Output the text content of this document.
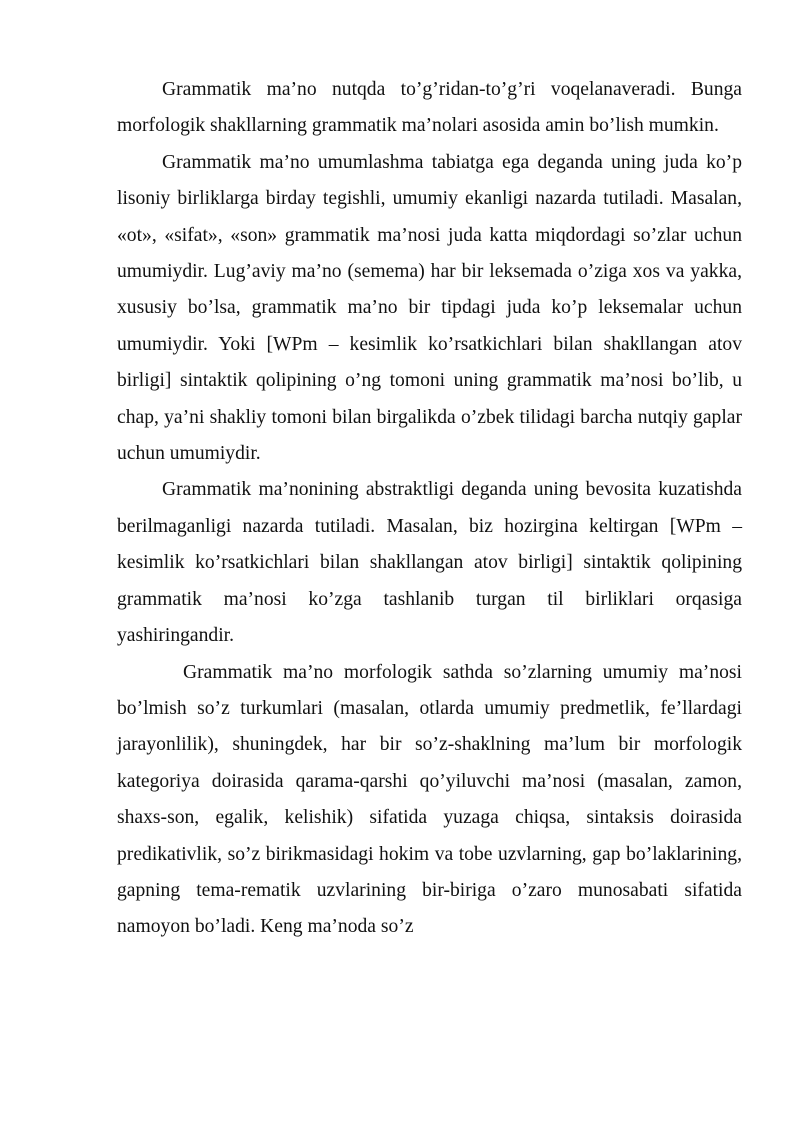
Grammatik ma’no nutqda to’g’ridan-to’g’ri voqelanaveradi. Bunga morfologik shakllarning grammatik ma’nolari asosida amin bo’lish mumkin.

Grammatik ma’no umumlashma tabiatga ega deganda uning juda ko’p lisoniy birliklarga birday tegishli, umumiy ekanligi nazarda tutiladi. Masalan, «ot», «sifat», «son» grammatik ma’nosi juda katta miqdordagi so’zlar uchun umumiydir. Lug’aviy ma’no (semema) har bir leksemada o’ziga xos va yakka, xususiy bo’lsa, grammatik ma’no bir tipdagi juda ko’p leksemalar uchun umumiydir. Yoki [WPm – kesimlik ko’rsatkichlari bilan shakllangan atov birligi] sintaktik qolipining o’ng tomoni uning grammatik ma’nosi bo’lib, u chap, ya’ni shakliy tomoni bilan birgalikda o’zbek tilidagi barcha nutqiy gaplar uchun umumiydir.

Grammatik ma’nonining abstraktligi deganda uning bevosita kuzatishda berilmaganligi nazarda tutiladi. Masalan, biz hozirgina keltirgan [WPm – kesimlik ko’rsatkichlari bilan shakllangan atov birligi] sintaktik qolipining grammatik ma’nosi ko’zga tashlanib turgan til birliklari orqasiga yashiringandir.

Grammatik ma’no morfologik sathda so’zlarning umumiy ma’nosi bo’lmish so’z turkumlari (masalan, otlarda umumiy predmetlik, fe’llardagi jarayonlilik), shuningdek, har bir so’z-shaklning ma’lum bir morfologik kategoriya doirasida qarama-qarshi qo’yiluvchi ma’nosi (masalan, zamon, shaxs-son, egalik, kelishik) sifatida yuzaga chiqsa, sintaksis doirasida predikativlik, so’z birikmasidagi hokim va tobe uzvlarning, gap bo’laklarining, gapning tema-rematik uzvlarining bir-biriga o’zaro munosabati sifatida namoyon bo’ladi. Keng ma’noda so’z
